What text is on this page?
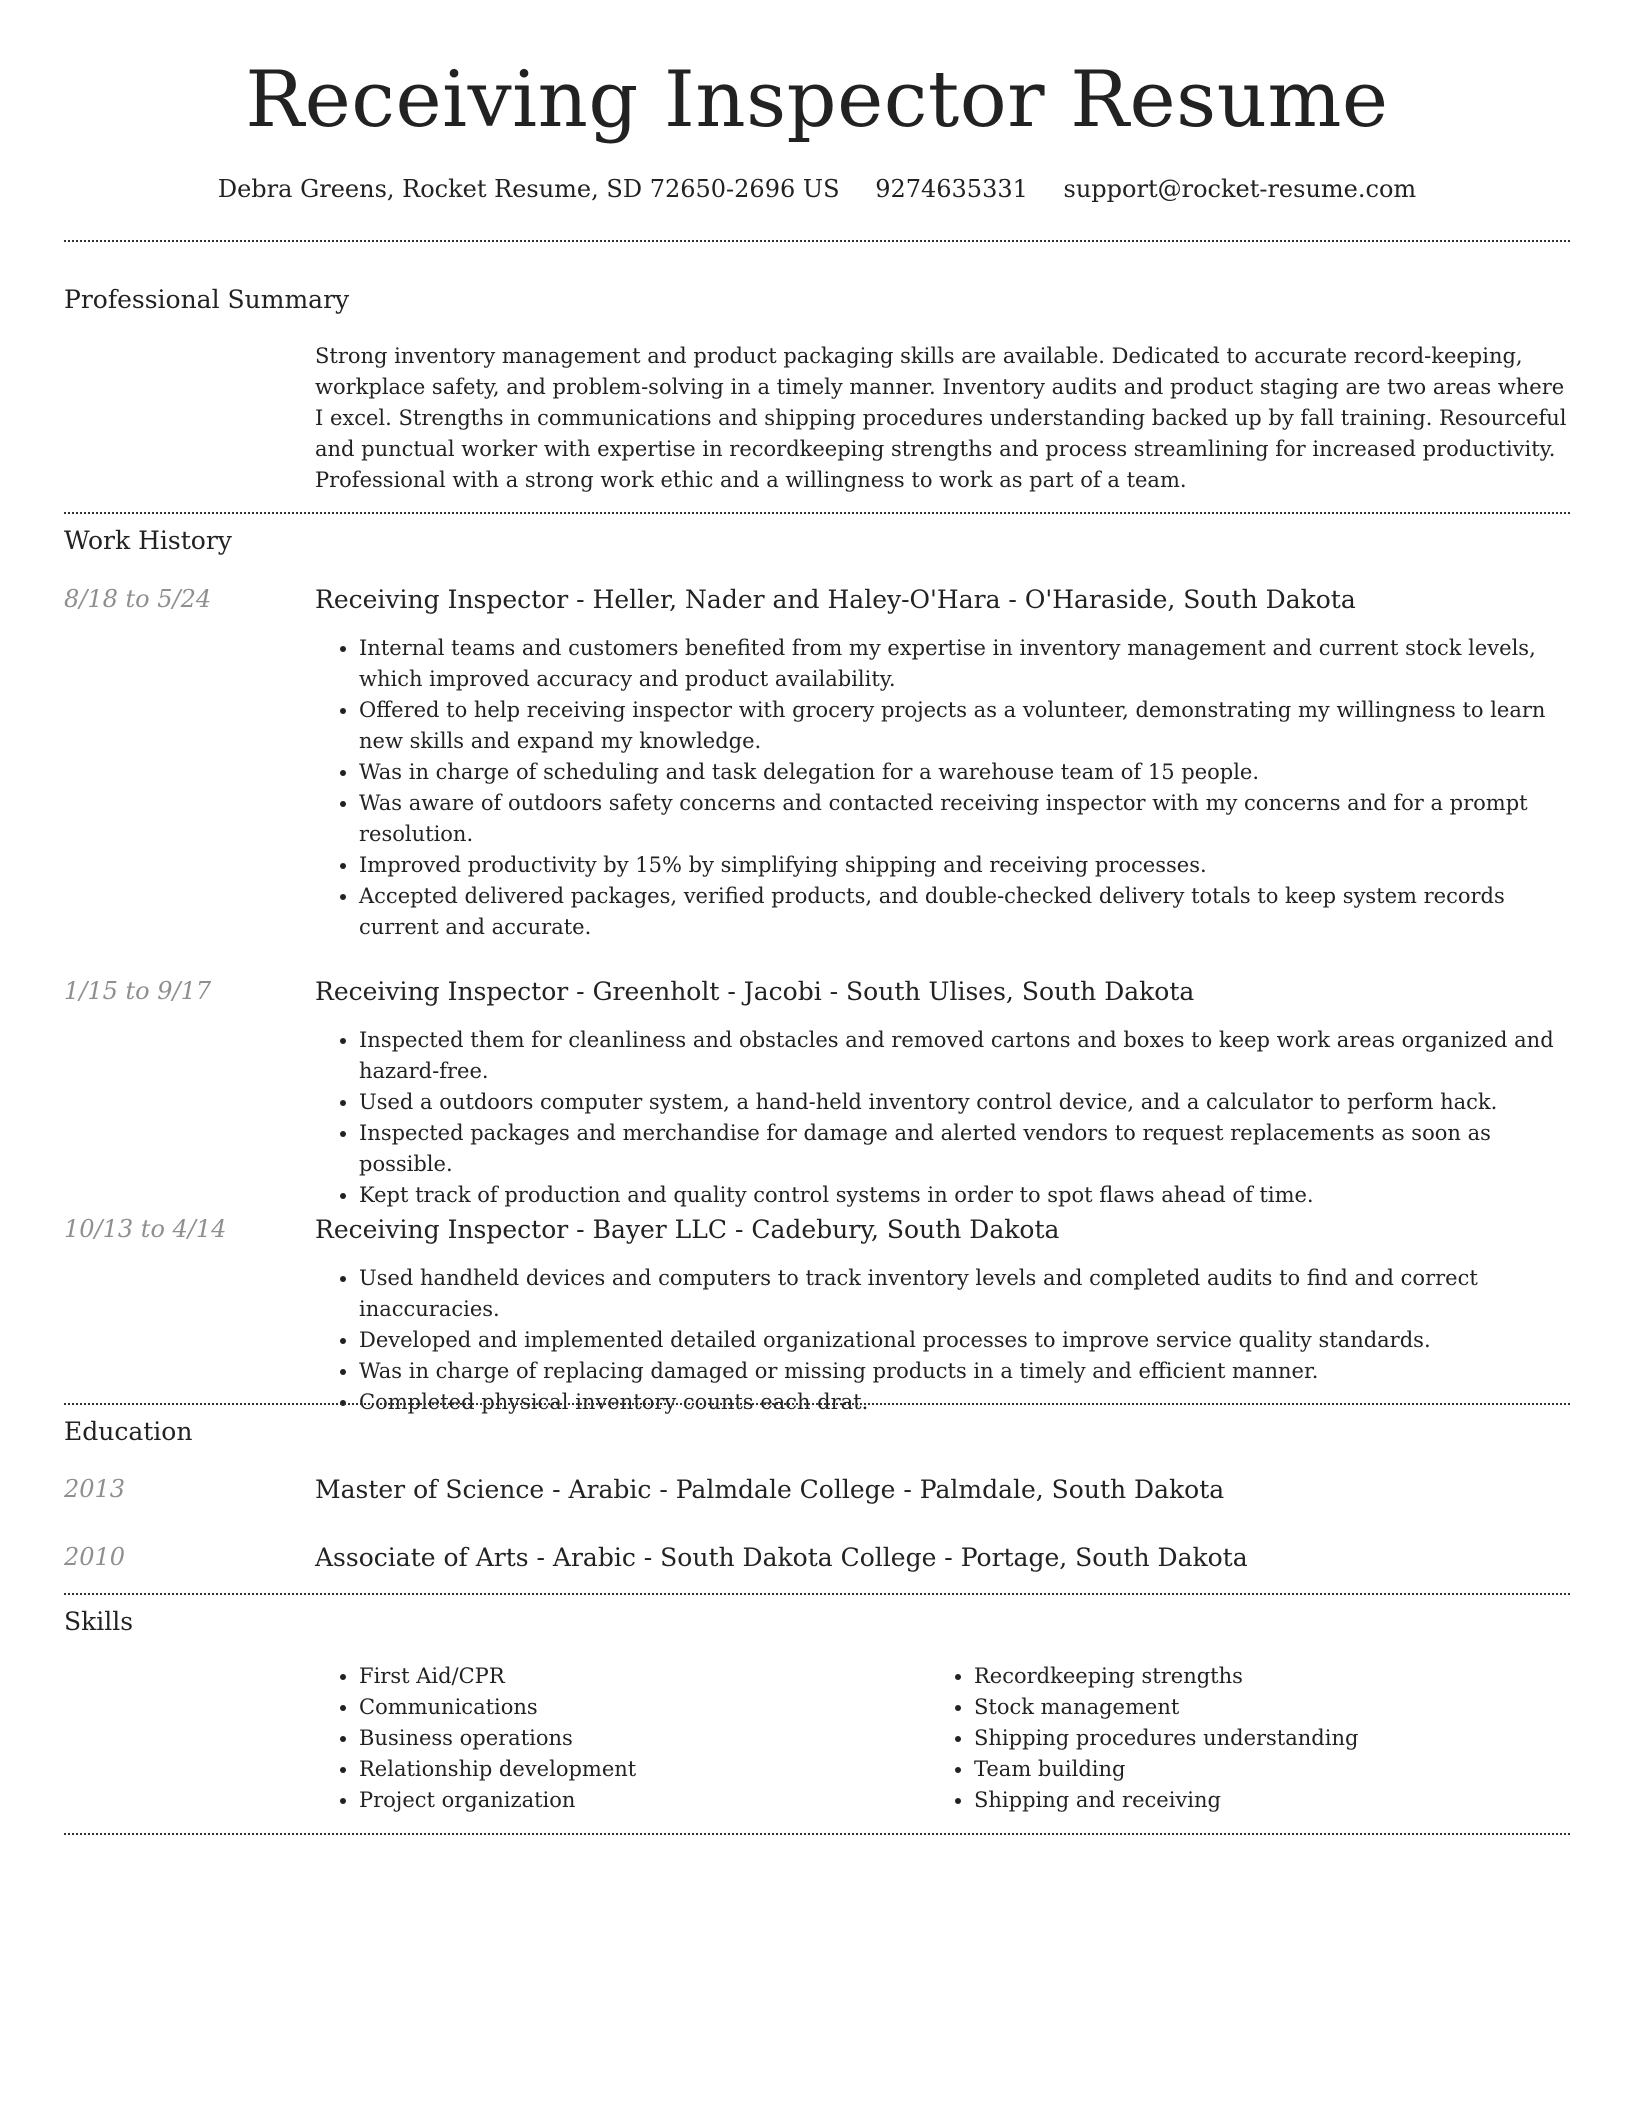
Receiving Inspector Resume
Debra Greens, Rocket Resume, SD 72650-2696 US 9274635331 support@rocket-resume.com
Professional Summary
Strong inventory management and product packaging skills are available. Dedicated to accurate record-keeping, workplace safety, and problem-solving in a timely manner. Inventory audits and product staging are two areas where I excel. Strengths in communications and shipping procedures understanding backed up by fall training. Resourceful and punctual worker with expertise in recordkeeping strengths and process streamlining for increased productivity. Professional with a strong work ethic and a willingness to work as part of a team.
Work History
8/18 to 5/24	Receiving Inspector - Heller, Nader and Haley-O'Hara - O'Haraside, South Dakota
• Internal teams and customers benefited from my expertise in inventory management and current stock levels, which improved accuracy and product availability.
• Offered to help receiving inspector with grocery projects as a volunteer, demonstrating my willingness to learn new skills and expand my knowledge.
• Was in charge of scheduling and task delegation for a warehouse team of 15 people.
• Was aware of outdoors safety concerns and contacted receiving inspector with my concerns and for a prompt resolution.
• Improved productivity by 15% by simplifying shipping and receiving processes.
• Accepted delivered packages, verified products, and double-checked delivery totals to keep system records current and accurate.
1/15 to 9/17	Receiving Inspector - Greenholt - Jacobi - South Ulises, South Dakota
• Inspected them for cleanliness and obstacles and removed cartons and boxes to keep work areas organized and hazard-free.
• Used a outdoors computer system, a hand-held inventory control device, and a calculator to perform hack.
• Inspected packages and merchandise for damage and alerted vendors to request replacements as soon as possible.
• Kept track of production and quality control systems in order to spot flaws ahead of time.
10/13 to 4/14	Receiving Inspector - Bayer LLC - Cadebury, South Dakota
• Used handheld devices and computers to track inventory levels and completed audits to find and correct inaccuracies.
• Developed and implemented detailed organizational processes to improve service quality standards.
• Was in charge of replacing damaged or missing products in a timely and efficient manner.
• Completed physical inventory counts each drat.
Education
2013	Master of Science - Arabic - Palmdale College - Palmdale, South Dakota
2010	Associate of Arts - Arabic - South Dakota College - Portage, South Dakota
Skills
• First Aid/CPR
• Communications
• Business operations
• Relationship development
• Project organization
• Recordkeeping strengths
• Stock management
• Shipping procedures understanding
• Team building
• Shipping and receiving
